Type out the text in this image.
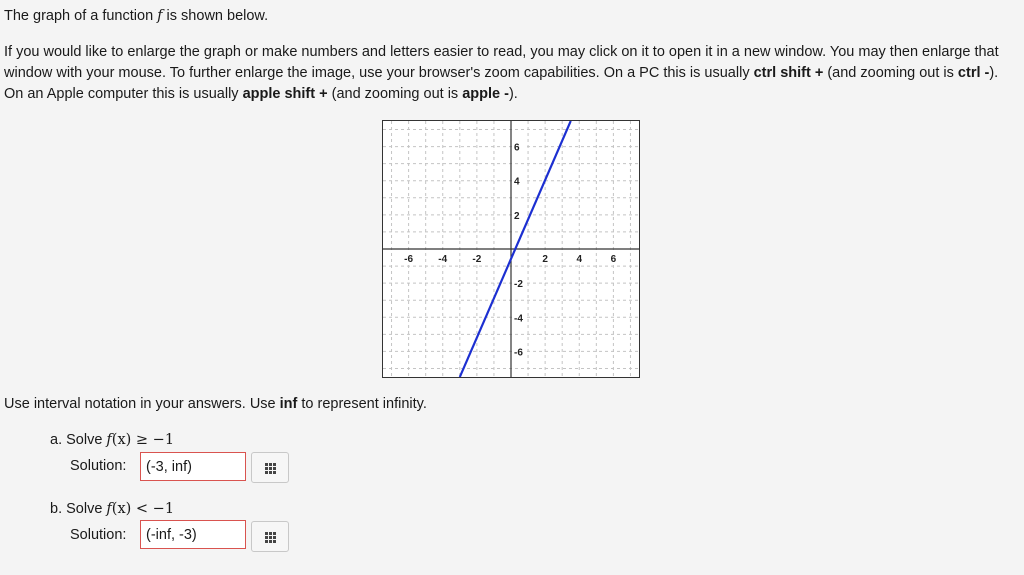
The graph of a function f is shown below.

If you would like to enlarge the graph or make numbers and letters easier to read, you may click on it to open it in a new window. You may then enlarge that window with your mouse. To further enlarge the image, use your browser's zoom capabilities. On a PC this is usually ctrl shift + (and zooming out is ctrl -). On an Apple computer this is usually apple shift + (and zooming out is apple -).

-6	-4	-2	2	4	6
6
4
2
-2
-4
-6

Use interval notation in your answers. Use inf to represent infinity.

a. Solve f(x) ≥ −1
Solution:
(-3, inf)
b. Solve f(x) < −1
Solution:
(-inf, -3)
